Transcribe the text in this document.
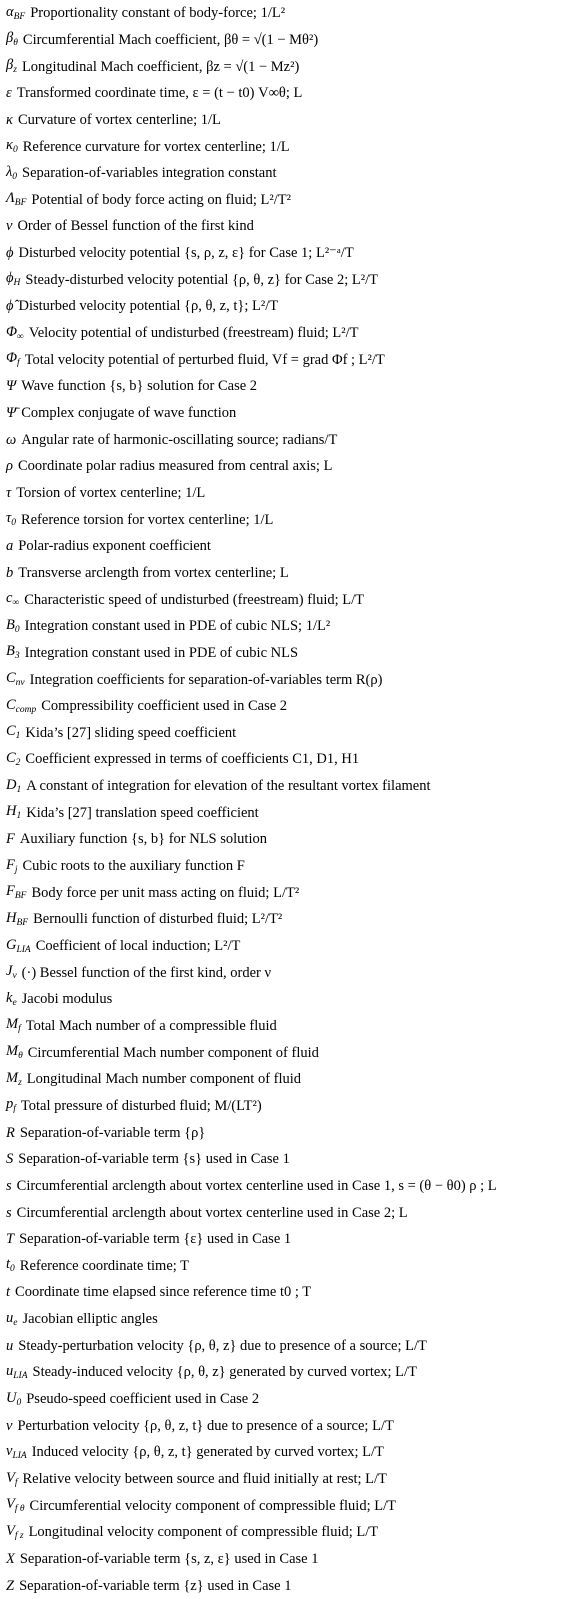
$\alpha_{BF}$ Proportionality constant of body-force; 1/L²
$\beta_\theta$ Circumferential Mach coefficient, βθ = √(1 − Mθ²)
$\beta_z$ Longitudinal Mach coefficient, βz = √(1 − Mz²)
ε Transformed coordinate time, ε = (t − t0) V∞θ; L
κ Curvature of vortex centerline; 1/L
$\kappa_0$ Reference curvature for vortex centerline; 1/L
$\lambda_0$ Separation-of-variables integration constant
$\Lambda_{BF}$ Potential of body force acting on fluid; L²/T²
ν Order of Bessel function of the first kind
ϕ Disturbed velocity potential {s, ρ, z, ε} for Case 1; L²⁻ᵃ/T
$\phi_H$ Steady-disturbed velocity potential {ρ, θ, z} for Case 2; L²/T
ϕ̂ Disturbed velocity potential {ρ, θ, z, t}; L²/T
$\Phi_\infty$ Velocity potential of undisturbed (freestream) fluid; L²/T
$\Phi_f$ Total velocity potential of perturbed fluid, Vf = grad Φf ; L²/T
Ψ Wave function {s, b} solution for Case 2
Ψ̄ Complex conjugate of wave function
ω Angular rate of harmonic-oscillating source; radians/T
ρ Coordinate polar radius measured from central axis; L
τ Torsion of vortex centerline; 1/L
$\tau_0$ Reference torsion for vortex centerline; 1/L
a Polar-radius exponent coefficient
b Transverse arclength from vortex centerline; L
$c_\infty$ Characteristic speed of undisturbed (freestream) fluid; L/T
$B_0$ Integration constant used in PDE of cubic NLS; 1/L²
$B_3$ Integration constant used in PDE of cubic NLS
$C_{nv}$ Integration coefficients for separation-of-variables term R(ρ)
$C_{comp}$ Compressibility coefficient used in Case 2
$C_1$ Kida’s [27] sliding speed coefficient
$C_2$ Coefficient expressed in terms of coefficients C1, D1, H1
$D_1$ A constant of integration for elevation of the resultant vortex filament
$H_1$ Kida’s [27] translation speed coefficient
F Auxiliary function {s, b} for NLS solution
$F_j$ Cubic roots to the auxiliary function F
$F_{BF}$ Body force per unit mass acting on fluid; L/T²
$H_{BF}$ Bernoulli function of disturbed fluid; L²/T²
$G_{LIA}$ Coefficient of local induction; L²/T
$J_\nu$ (·) Bessel function of the first kind, order ν
$k_e$ Jacobi modulus
$M_f$ Total Mach number of a compressible fluid
$M_\theta$ Circumferential Mach number component of fluid
$M_z$ Longitudinal Mach number component of fluid
$p_f$ Total pressure of disturbed fluid; M/(LT²)
R Separation-of-variable term {ρ}
S Separation-of-variable term {s} used in Case 1
s Circumferential arclength about vortex centerline used in Case 1, s = (θ − θ0) ρ ; L
s Circumferential arclength about vortex centerline used in Case 2; L
T Separation-of-variable term {ε} used in Case 1
$t_0$ Reference coordinate time; T
t Coordinate time elapsed since reference time t0 ; T
$u_e$ Jacobian elliptic angles
u Steady-perturbation velocity {ρ, θ, z} due to presence of a source; L/T
$u_{LIA}$ Steady-induced velocity {ρ, θ, z} generated by curved vortex; L/T
$U_0$ Pseudo-speed coefficient used in Case 2
v Perturbation velocity {ρ, θ, z, t} due to presence of a source; L/T
$v_{LIA}$ Induced velocity {ρ, θ, z, t} generated by curved vortex; L/T
$V_f$ Relative velocity between source and fluid initially at rest; L/T
$V_{f \theta}$ Circumferential velocity component of compressible fluid; L/T
$V_{f z}$ Longitudinal velocity component of compressible fluid; L/T
X Separation-of-variable term {s, z, ε} used in Case 1
Z Separation-of-variable term {z} used in Case 1
